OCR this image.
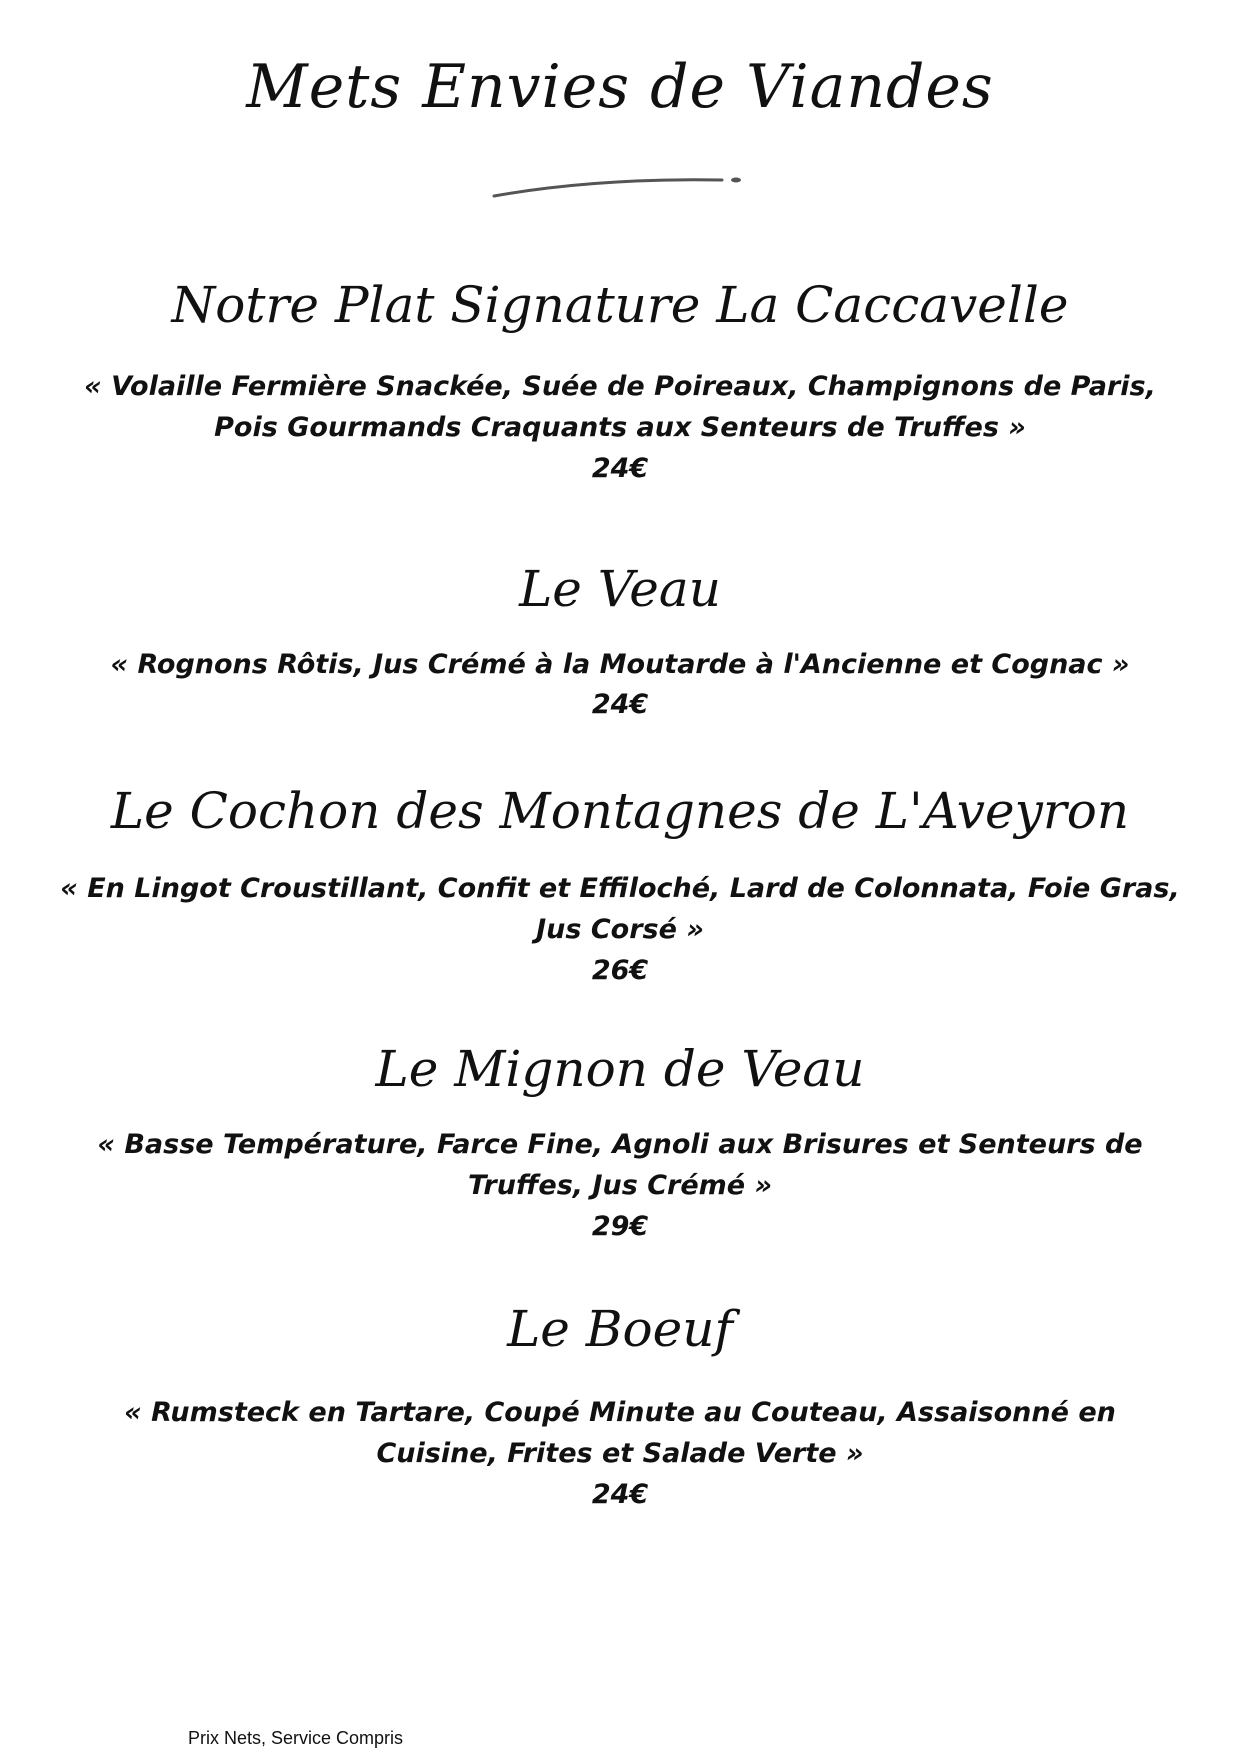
Mets Envies de Viandes
Notre Plat Signature La Caccavelle

« Volaille Fermière Snackée, Suée de Poireaux, Champignons de Paris, Pois Gourmands Craquants aux Senteurs de Truffes »

24€

Le Veau

« Rognons Rôtis, Jus Crémé à la Moutarde à l'Ancienne et Cognac »

24€

Le Cochon des Montagnes de L'Aveyron

« En Lingot Croustillant, Confit et Effiloché, Lard de Colonnata, Foie Gras, Jus Corsé »

26€

Le Mignon de Veau

« Basse Température, Farce Fine, Agnoli aux Brisures et Senteurs de Truffes, Jus Crémé »

29€

Le Boeuf

« Rumsteck en Tartare, Coupé Minute au Couteau, Assaisonné en Cuisine, Frites et Salade Verte »

24€

Prix Nets, Service Compris
